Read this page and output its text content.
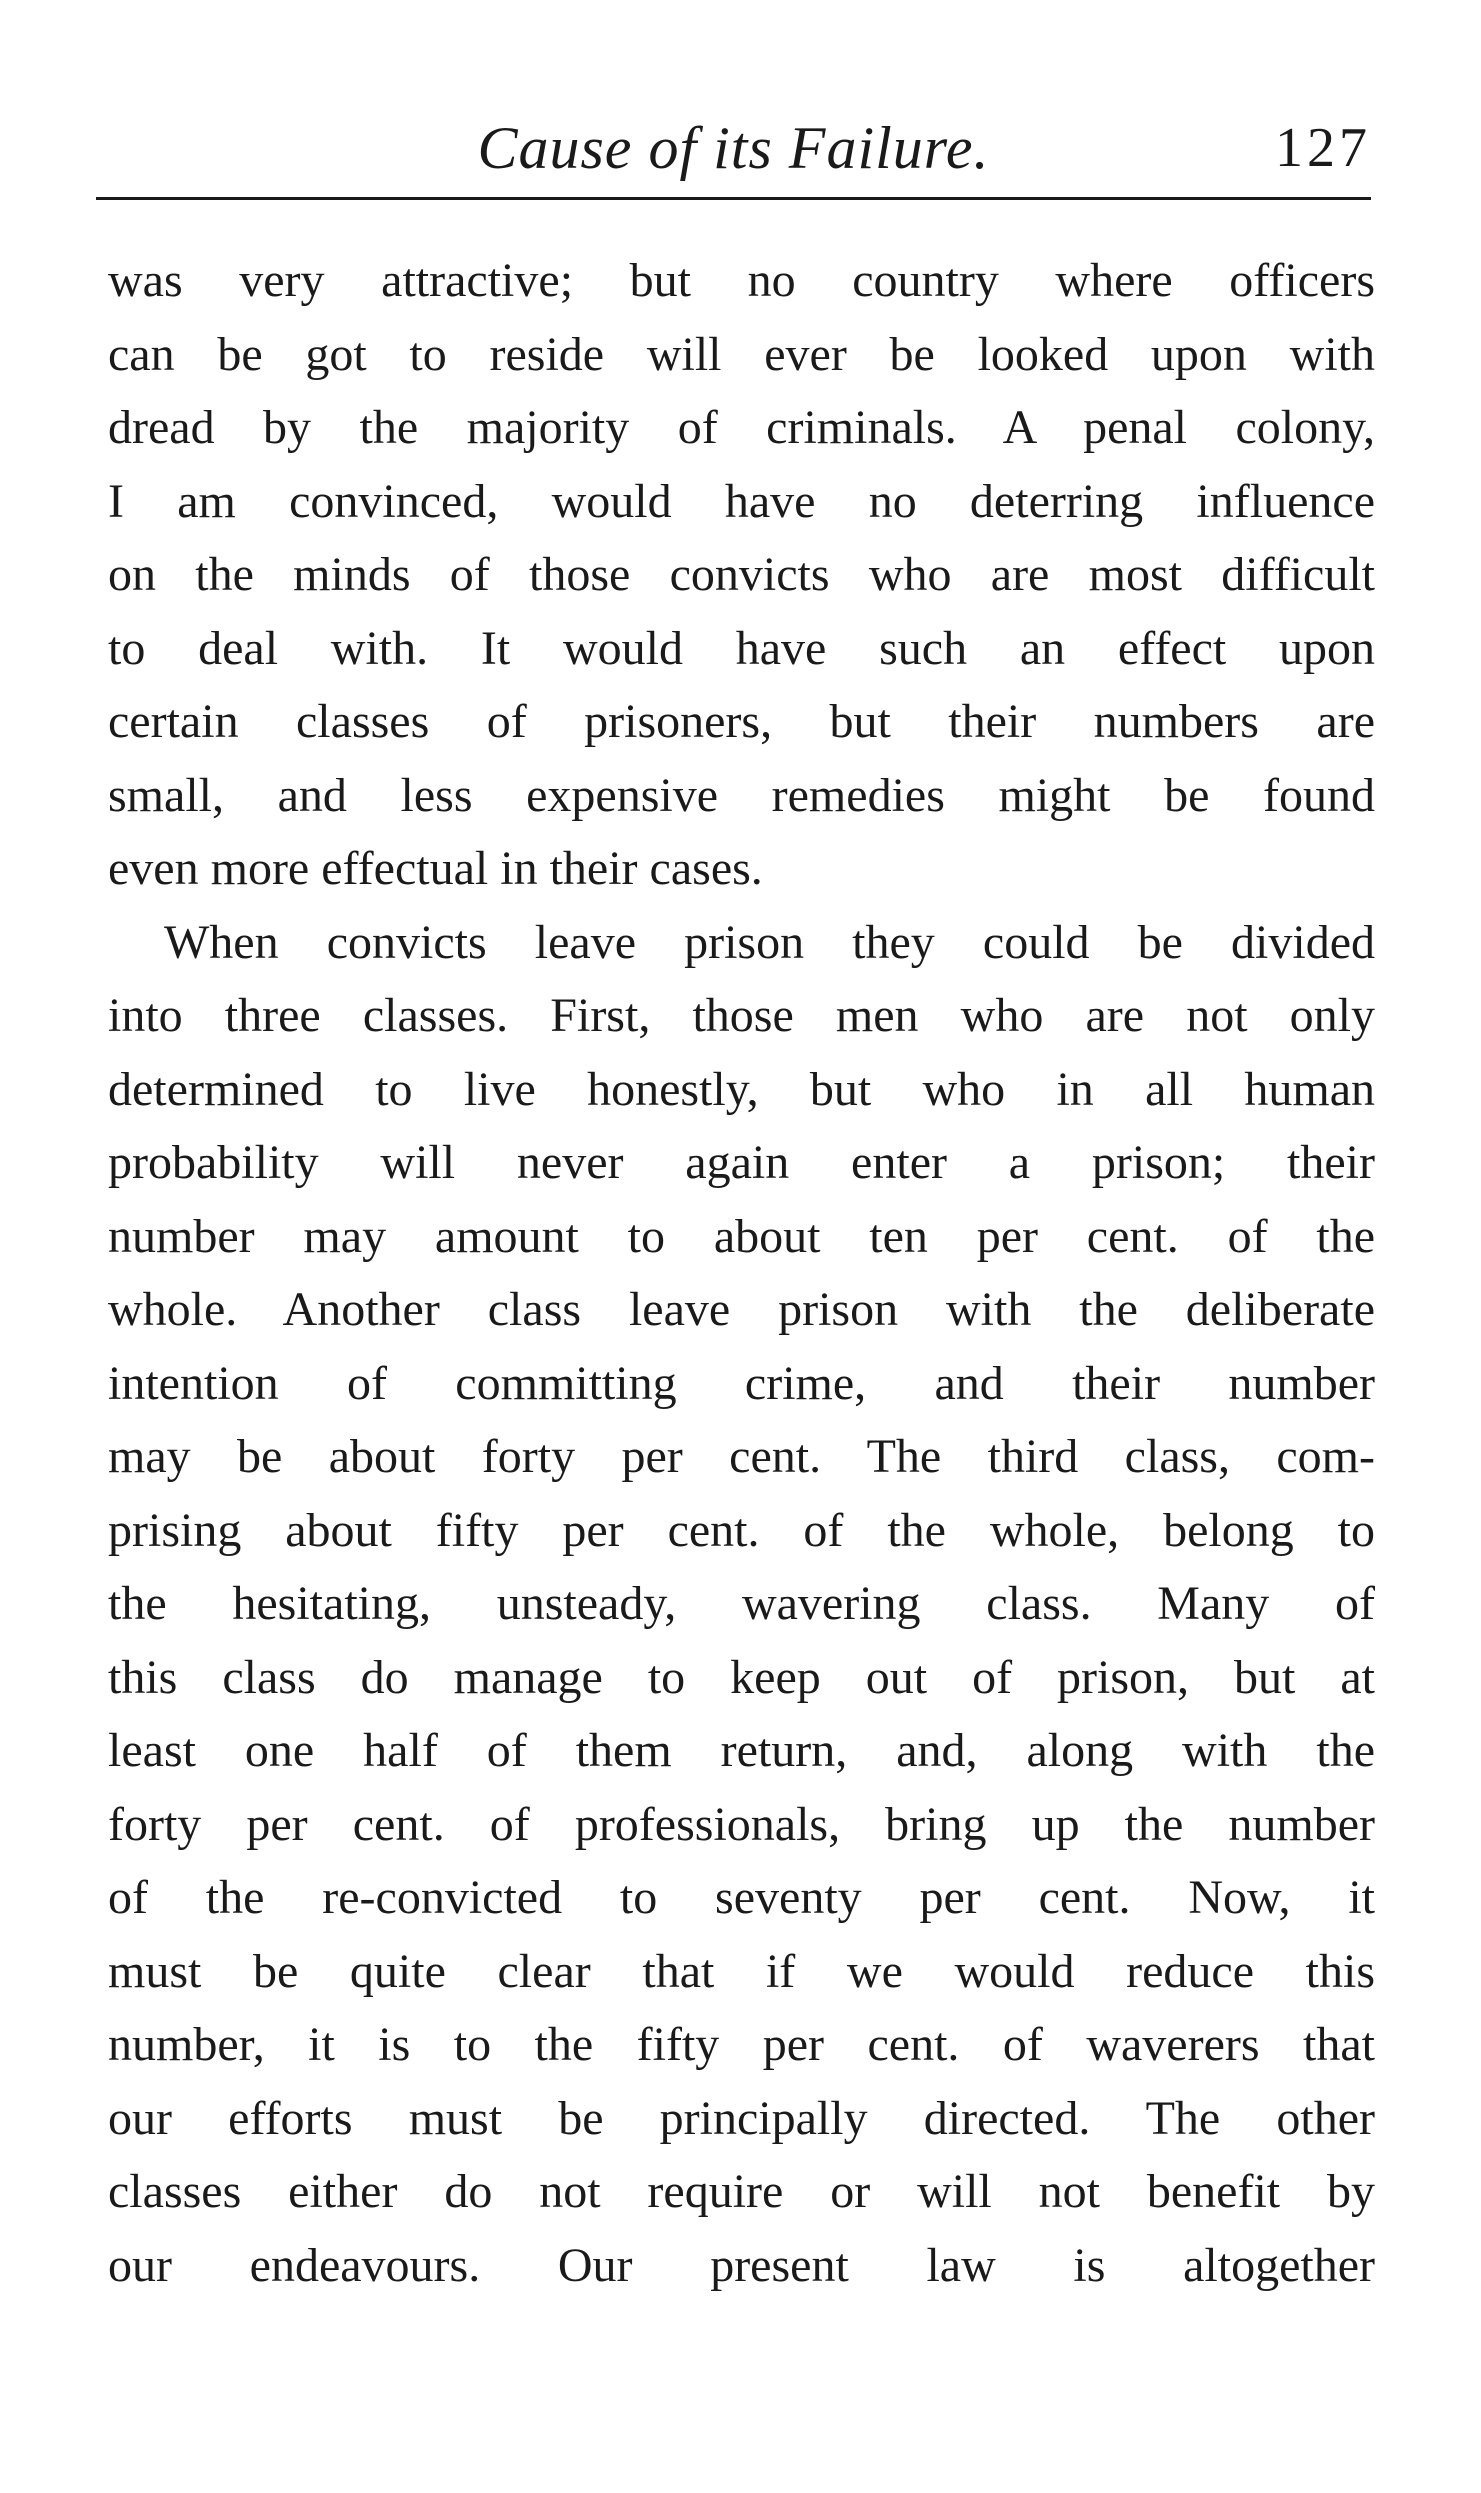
Cause of its Failure.	127
was very attractive; but no country where officers
can be got to reside will ever be looked upon with
dread by the majority of criminals. A penal colony,
I am convinced, would have no deterring influence
on the minds of those convicts who are most difficult
to deal with. It would have such an effect upon
certain classes of prisoners, but their numbers are
small, and less expensive remedies might be found
even more effectual in their cases.
When convicts leave prison they could be divided
into three classes. First, those men who are not only
determined to live honestly, but who in all human
probability will never again enter a prison; their
number may amount to about ten per cent. of the
whole. Another class leave prison with the deliberate
intention of committing crime, and their number
may be about forty per cent. The third class, com-
prising about fifty per cent. of the whole, belong to
the hesitating, unsteady, wavering class. Many of
this class do manage to keep out of prison, but at
least one half of them return, and, along with the
forty per cent. of professionals, bring up the number
of the re-convicted to seventy per cent. Now, it
must be quite clear that if we would reduce this
number, it is to the fifty per cent. of waverers that
our efforts must be principally directed. The other
classes either do not require or will not benefit by
our endeavours. Our present law is altogether
